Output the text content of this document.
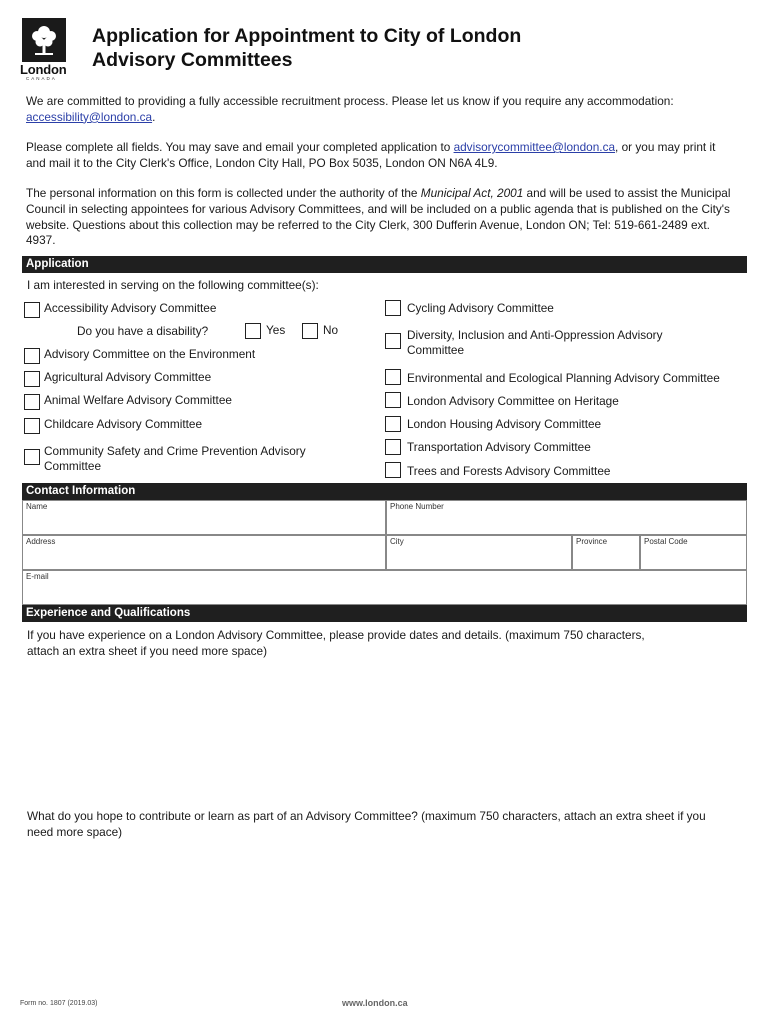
London
CANADA
Application for Appointment to City of London
Advisory Committees
We are committed to providing a fully accessible recruitment process. Please let us know if you require any accommodation: accessibility@london.ca.
Please complete all fields. You may save and email your completed application to advisorycommittee@london.ca, or you may print it and mail it to the City Clerk's Office, London City Hall, PO Box 5035, London ON N6A 4L9.
The personal information on this form is collected under the authority of the Municipal Act, 2001 and will be used to assist the Municipal Council in selecting appointees for various Advisory Committees, and will be included on a public agenda that is published on the City's website. Questions about this collection may be referred to the City Clerk, 300 Dufferin Avenue, London ON; Tel: 519-661-2489 ext. 4937.
Application
I am interested in serving on the following committee(s):
Accessibility Advisory Committee
Do you have a disability?	Yes	No
Advisory Committee on the Environment
Agricultural Advisory Committee
Animal Welfare Advisory Committee
Childcare Advisory Committee
Community Safety and Crime Prevention Advisory Committee
Cycling Advisory Committee
Diversity, Inclusion and Anti-Oppression Advisory Committee
Environmental and Ecological Planning Advisory Committee
London Advisory Committee on Heritage
London Housing Advisory Committee
Transportation Advisory Committee
Trees and Forests Advisory Committee
Contact Information
Name	Phone Number
Address	City	Province	Postal Code
E-mail
Experience and Qualifications
If you have experience on a London Advisory Committee, please provide dates and details. (maximum 750 characters, attach an extra sheet if you need more space)
What do you hope to contribute or learn as part of an Advisory Committee? (maximum 750 characters, attach an extra sheet if you need more space)
Form no. 1807 (2019.03)	www.london.ca
